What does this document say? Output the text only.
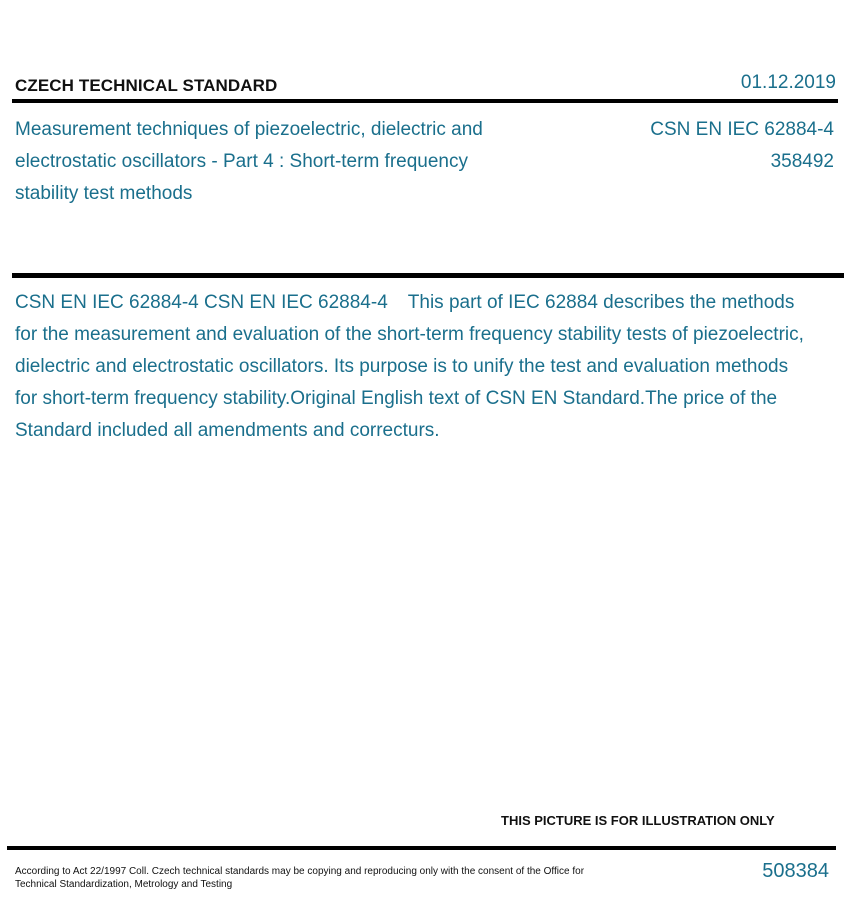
CZECH TECHNICAL STANDARD	01.12.2019
Measurement techniques of piezoelectric, dielectric and electrostatic oscillators - Part 4 : Short-term frequency stability test methods
CSN EN IEC 62884-4
358492
CSN EN IEC 62884-4 CSN EN IEC 62884-4 This part of IEC 62884 describes the methods for the measurement and evaluation of the short-term frequency stability tests of piezoelectric, dielectric and electrostatic oscillators. Its purpose is to unify the test and evaluation methods for short-term frequency stability.Original English text of CSN EN Standard.The price of the Standard included all amendments and correcturs.
THIS PICTURE IS FOR ILLUSTRATION ONLY
According to Act 22/1997 Coll. Czech technical standards may be copying and reproducing only with the consent of the Office for Technical Standardization, Metrology and Testing
508384
